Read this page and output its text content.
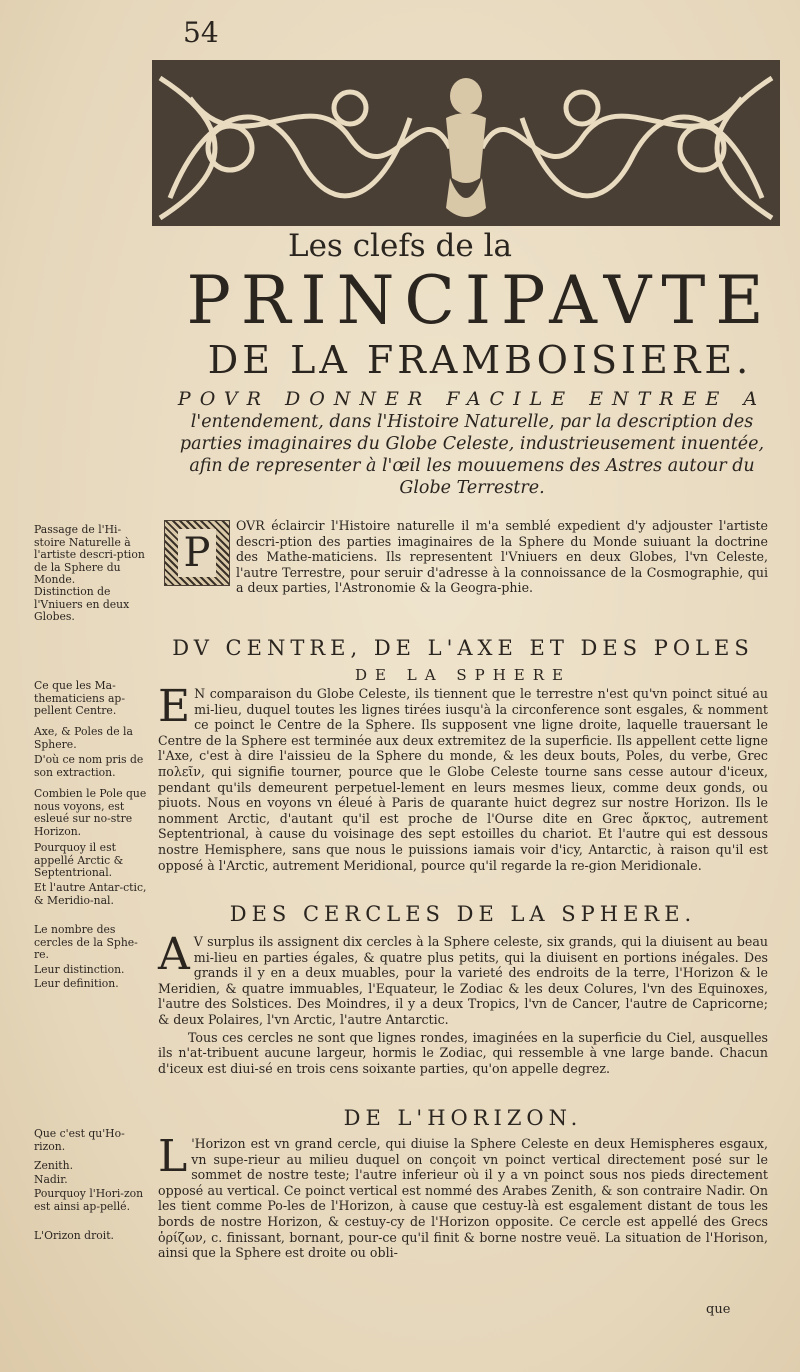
54
Les clefs de la
PRINCIPAVTE
DE LA FRAMBOISIERE.
POVR DONNER FACILE ENTREE A l'entendement, dans l'Histoire Naturelle, par la description des parties imaginaires du Globe Celeste, industrieusement inuentée, afin de representer à l'œil les mouuemens des Astres autour du Globe Terrestre.
P
OVR éclaircir l'Histoire naturelle il m'a semblé expedient d'y adjouster l'artiste descri-ption des parties imaginaires de la Sphere du Monde suiuant la doctrine des Mathe-maticiens. Ils representent l'Vniuers en deux Globes, l'vn Celeste, l'autre Terrestre, pour seruir d'adresse à la connoissance de la Cosmographie, qui a deux parties, l'Astronomie & la Geogra-phie.
DV CENTRE, DE L'AXE ET DES POLES
DE LA SPHERE
E N comparaison du Globe Celeste, ils tiennent que le terrestre n'est qu'vn poinct situé au mi-lieu, duquel toutes les lignes tirées iusqu'à la circonference sont esgales, & nomment ce poinct le Centre de la Sphere. Ils supposent vne ligne droite, laquelle trauersant le Centre de la Sphere est terminée aux deux extremitez de la superficie. Ils appellent cette ligne l'Axe, c'est à dire l'aissieu de la Sphere du monde, & les deux bouts, Poles, du verbe, Grec πολεῖν, qui signifie tourner, pource que le Globe Celeste tourne sans cesse autour d'iceux, pendant qu'ils demeurent perpetuel-lement en leurs mesmes lieux, comme deux gonds, ou piuots. Nous en voyons vn éleué à Paris de quarante huict degrez sur nostre Horizon. Ils le nomment Arctic, d'autant qu'il est proche de l'Ourse dite en Grec ἄρκτος, autrement Septentrional, à cause du voisinage des sept estoilles du chariot. Et l'autre qui est dessous nostre Hemisphere, sans que nous le puissions iamais voir d'icy, Antarctic, à raison qu'il est opposé à l'Arctic, autrement Meridional, pource qu'il regarde la re-gion Meridionale.
DES CERCLES DE LA SPHERE.

A V surplus ils assignent dix cercles à la Sphere celeste, six grands, qui la diuisent au beau mi-lieu en parties égales, & quatre plus petits, qui la diuisent en portions inégales. Des grands il y en a deux muables, pour la varieté des endroits de la terre, l'Horizon & le Meridien, & quatre immuables, l'Equateur, le Zodiac & les deux Colures, l'vn des Equinoxes, l'autre des Solstices. Des Moindres, il y a deux Tropics, l'vn de Cancer, l'autre de Capricorne; & deux Polaires, l'vn Arctic, l'autre Antarctic.

Tous ces cercles ne sont que lignes rondes, imaginées en la superficie du Ciel, ausquelles ils n'at-tribuent aucune largeur, hormis le Zodiac, qui ressemble à vne large bande. Chacun d'iceux est diui-sé en trois cens soixante parties, qu'on appelle degrez.

DE L'HORIZON.
L 'Horizon est vn grand cercle, qui diuise la Sphere Celeste en deux Hemispheres esgaux, vn supe-rieur au milieu duquel on conçoit vn poinct vertical directement posé sur le sommet de nostre teste; l'autre inferieur où il y a vn poinct sous nos pieds directement opposé au vertical. Ce poinct vertical est nommé des Arabes Zenith, & son contraire Nadir. On les tient comme Po-les de l'Horizon, à cause que cestuy-là est esgalement distant de tous les bords de nostre Horizon, & cestuy-cy de l'Horizon opposite. Ce cercle est appellé des Grecs ὁρίζων, c. finissant, bornant, pour-ce qu'il finit & borne nostre veuë. La situation de l'Horison, ainsi que la Sphere est droite ou obli-
que
Passage de l'Hi-stoire Naturelle à l'artiste descri-ption de la Sphere du Monde.
Distinction de l'Vniuers en deux Globes.
Ce que les Ma-thematiciens ap-pellent Centre.
Axe, & Poles de la Sphere.
D'où ce nom pris de son extraction.
Combien le Pole que nous voyons, est esleué sur no-stre Horizon.
Pourquoy il est appellé Arctic & Septentrional.
Et l'autre Antar-ctic, & Meridio-nal.
Le nombre des cercles de la Sphe-re.
Leur distinction.
Leur definition.
Que c'est qu'Ho-rizon.
Zenith.
Nadir.
Pourquoy l'Hori-zon est ainsi ap-pellé.
L'Orizon droit.
